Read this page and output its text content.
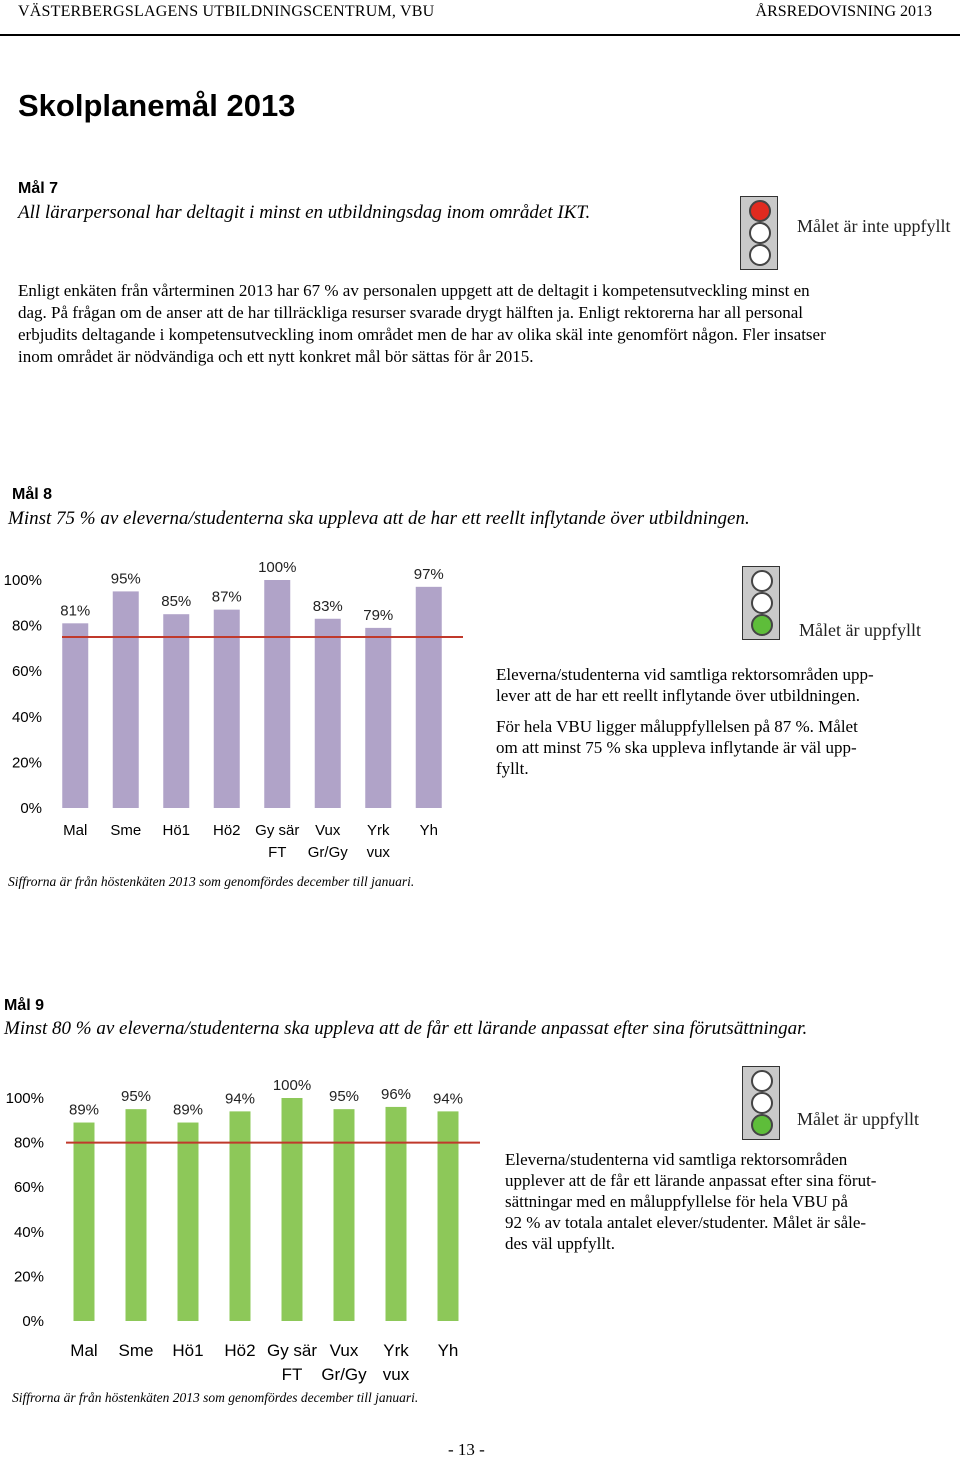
VÄSTERBERGSLAGENS UTBILDNINGSCENTRUM, VBU	ÅRSREDOVISNING 2013
Skolplanemål 2013
Mål 7
All lärarpersonal har deltagit i minst en utbildningsdag inom området IKT.
Målet är inte uppfyllt
Enligt enkäten från vårterminen 2013 har 67 % av personalen uppgett att de deltagit i kompetensutveckling minst en
dag. På frågan om de anser att de har tillräckliga resurser svarade drygt hälften ja. Enligt rektorerna har all personal
erbjudits deltagande i kompetensutveckling inom området men de har av olika skäl inte genomfört någon. Fler insatser
inom området är nödvändiga och ett nytt konkret mål bör sättas för år 2015.
Mål 8
Minst 75 % av eleverna/studenterna ska uppleva att de har ett reellt inflytande över utbildningen.
0%
20%
40%
60%
80%
100%
81%
Mal
95%
Sme
85%
Hö1
87%
Hö2
100%
Gy sär
FT
83%
Vux
Gr/Gy
79%
Yrk
vux
97%
Yh
Målet är uppfyllt
Eleverna/studenterna vid samtliga rektorsområden upp-
lever att de har ett reellt inflytande över utbildningen.
För hela VBU ligger måluppfyllelsen på 87 %. Målet
om att minst 75 % ska uppleva inflytande är väl upp-
fyllt.
Siffrorna är från höstenkäten 2013 som genomfördes december till januari.
Mål 9
Minst 80 % av eleverna/studenterna ska uppleva att de får ett lärande anpassat efter sina förutsättningar.
0%
20%
40%
60%
80%
100%
89%
Mal
95%
Sme
89%
Hö1
94%
Hö2
100%
Gy sär
FT
95%
Vux
Gr/Gy
96%
Yrk
vux
94%
Yh
Målet är uppfyllt
Eleverna/studenterna vid samtliga rektorsområden
upplever att de får ett lärande anpassat efter sina förut-
sättningar med en måluppfyllelse för hela VBU på
92 % av totala antalet elever/studenter. Målet är såle-
des väl uppfyllt.
Siffrorna är från höstenkäten 2013 som genomfördes december till januari.
- 13 -
